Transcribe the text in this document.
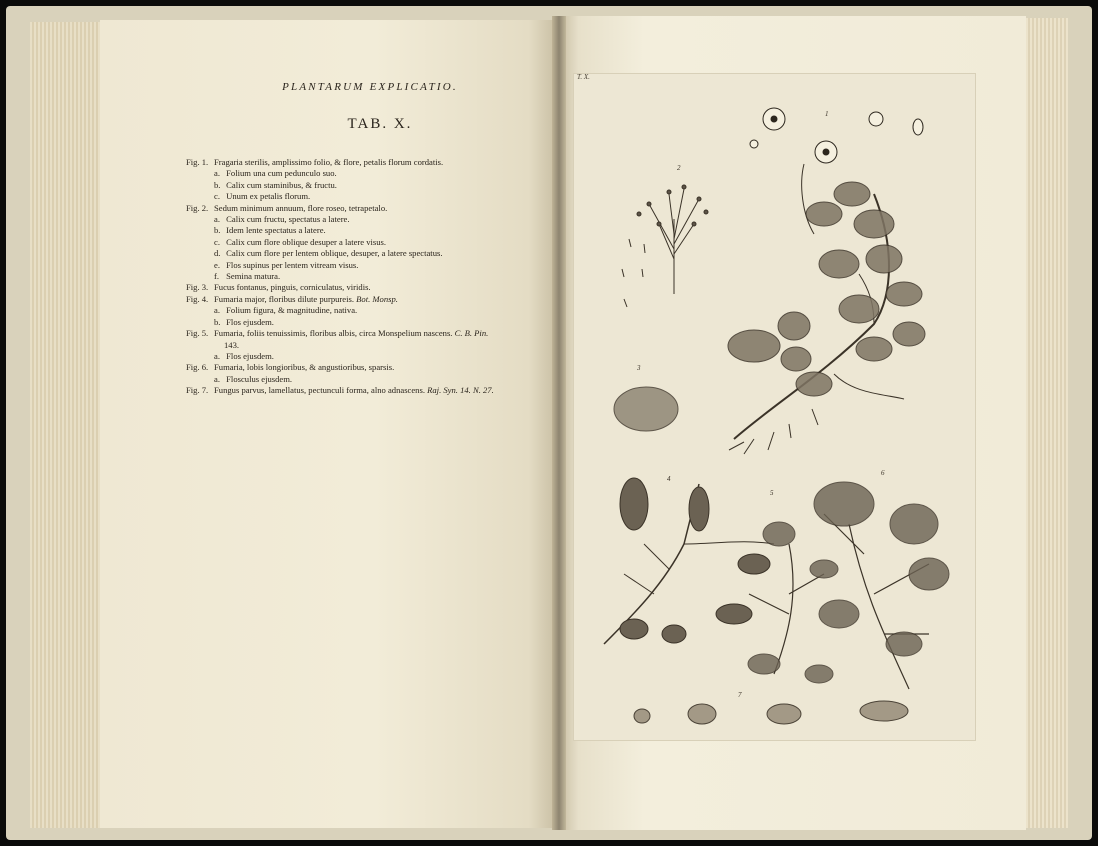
PLANTARUM EXPLICATIO.
TAB. X.
Fig. 1. Fragaria sterilis, amplissimo folio, & flore, petalis florum cordatis.
a. Folium una cum pedunculo suo.
b. Calix cum staminibus, & fructu.
c. Unum ex petalis florum.
Fig. 2. Sedum minimum annuum, flore roseo, tetrapetalo.
a. Calix cum fructu, spectatus a latere.
b. Idem lente spectatus a latere.
c. Calix cum flore oblique desuper a latere visus.
d. Calix cum flore per lentem oblique, desuper, a latere spectatus.
e. Flos supinus per lentem vitream visus.
f. Semina matura.
Fig. 3. Fucus fontanus, pinguis, corniculatus, viridis.
Fig. 4. Fumaria major, floribus dilute purpureis. Bot. Monsp.
a. Folium figura, & magnitudine, nativa.
b. Flos ejusdem.
Fig. 5. Fumaria, foliis tenuissimis, floribus albis, circa Monspelium nascens. C. B. Pin.
143.
a. Flos ejusdem.
Fig. 6. Fumaria, lobis longioribus, & angustioribus, sparsis.
a. Flosculus ejusdem.
Fig. 7. Fungus parvus, lamellatus, pectunculi forma, alno adnascens. Raj. Syn. 14. N. 27.
1
2
3
4
5
6
7
T. X.
